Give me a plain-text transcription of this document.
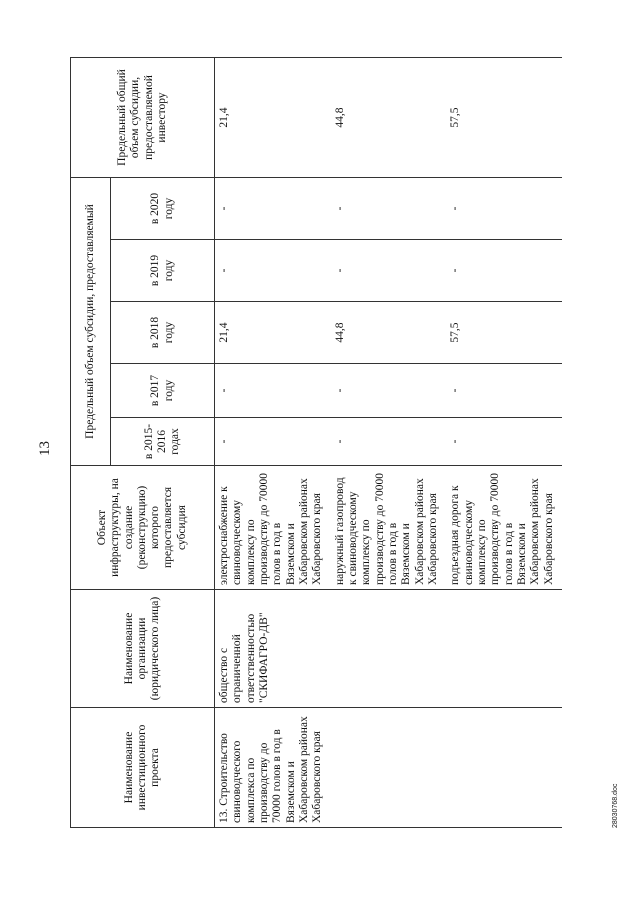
13
28030768.doc
Наименование инвестиционного проекта	Наименование организации (юридического лица)	Объект инфраструктуры, на создание (реконструкцию) которого предоставляется субсидия	Предельный объем субсидии, предоставляемый					Предельный общий объем субсидии, предоставляемой инвестору
			в 2015-2016 годах	в 2017 году	в 2018 году	в 2019 году	в 2020 году	
13. Строительство свиноводческого комплекса по производству до 70000 голов в год в Вяземском и Хабаровском районах Хабаровского края	общество с ограниченной ответственностью "СКИФАГРО-ДВ"	электроснабжение к свиноводческому комплексу по производству до 70000 голов в год в Вяземском и Хабаровском районах Хабаровского края	-	-	21,4	-	-	21,4
		наружный газопровод к свиноводческому комплексу по производству до 70000 голов в год в Вяземском и Хабаровском районах Хабаровского края	-	-	44,8	-	-	44,8
		подъездная дорога к свиноводческому комплексу по производству до 70000 голов в год в Вяземском и Хабаровском районах Хабаровского края	-	-	57,5	-	-	57,5
